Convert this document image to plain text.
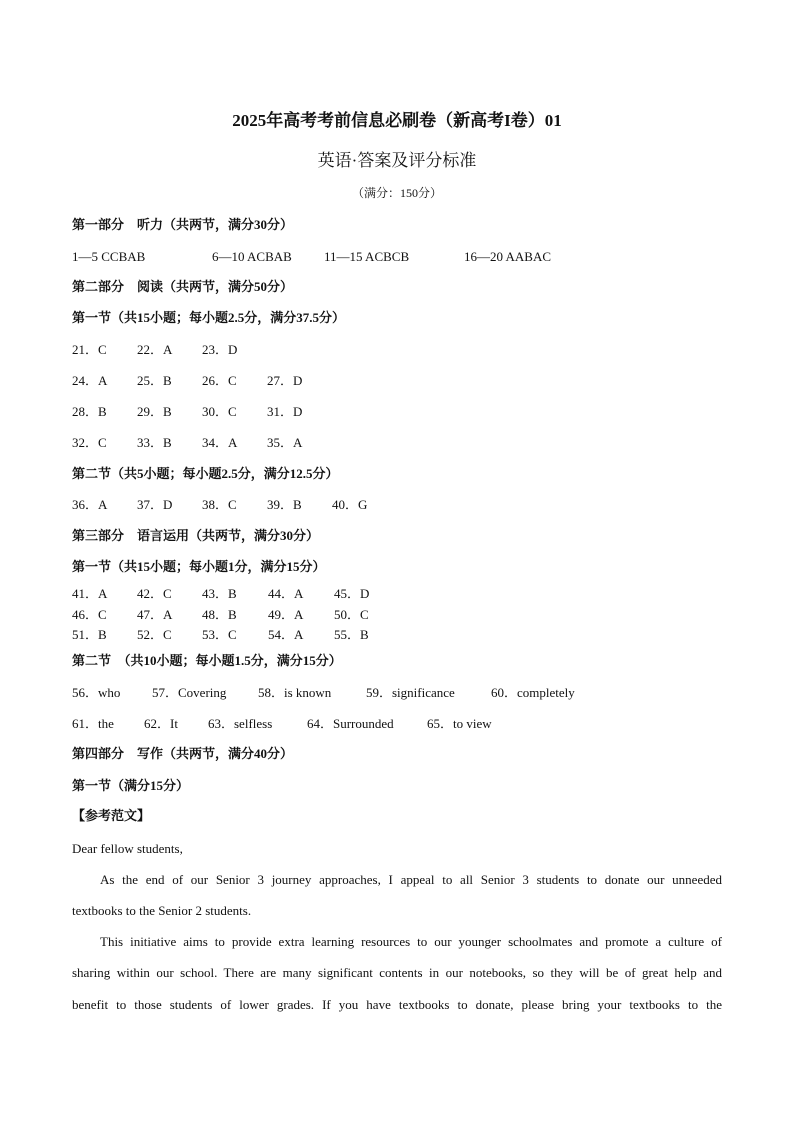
2025年高考考前信息必刷卷（新高考I卷）01
英语·答案及评分标准
（满分：150分）
第一部分　听力（共两节，满分30分）
1—5 CCBAB	6—10 ACBAB 11—15 ACBCB	16—20 AABAC
第二部分　阅读（共两节，满分50分）
第一节（共15小题；每小题2.5分，满分37.5分）
21．C 22．A 23．D
24．A 25．B 26．C 27．D
28．B 29．B 30．C 31．D
32．C 33．B 34．A 35．A
第二节（共5小题；每小题2.5分，满分12.5分）
36．A 37．D 38．C 39．B 40．G
第三部分　语言运用（共两节，满分30分）
第一节（共15小题；每小题1分，满分15分）
41．A 42．C 43．B 44．A 45．D
46．C 47．A 48．B 49．A 50．C
51．B 52．C 53．C 54．A 55．B
第二节　（共10小题；每小题1.5分，满分15分）
56．who 57．Covering 58．is known	59．significance	60．completely
61．the 62．It 63．selfless	64．Surrounded	65．to view
第四部分　写作（共两节，满分40分）
第一节（满分15分）
【参考范文】
Dear fellow students,
As the end of our Senior 3 journey approaches, I appeal to all Senior 3 students to donate our unneeded
textbooks to the Senior 2 students.
This initiative aims to provide extra learning resources to our younger schoolmates and promote a culture of
sharing within our school. There are many significant contents in our notebooks, so they will be of great help and
benefit to those students of lower grades. If you have textbooks to donate, please bring your textbooks to the
